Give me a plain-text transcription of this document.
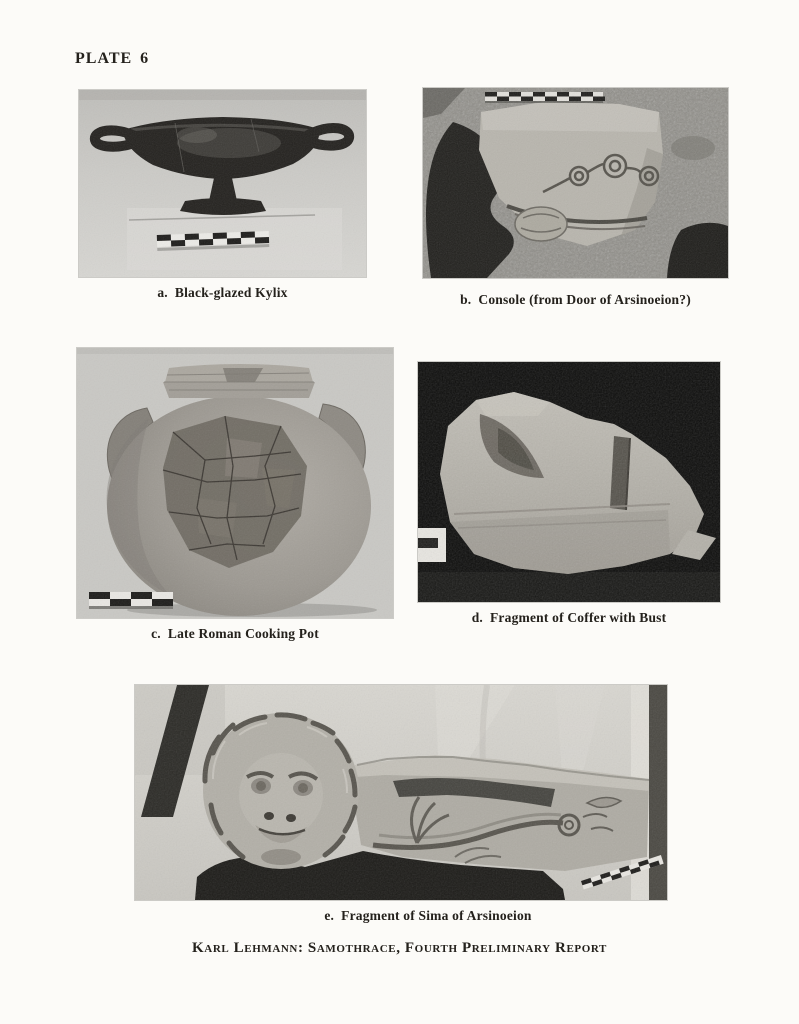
PLATE 6
a. Black-glazed Kylix	b. Console (from Door of Arsinoeion?)
c. Late Roman Cooking Pot
d. Fragment of Coffer with Bust
e. Fragment of Sima of Arsinoeion
Karl Lehmann: Samothrace, Fourth Preliminary Report
